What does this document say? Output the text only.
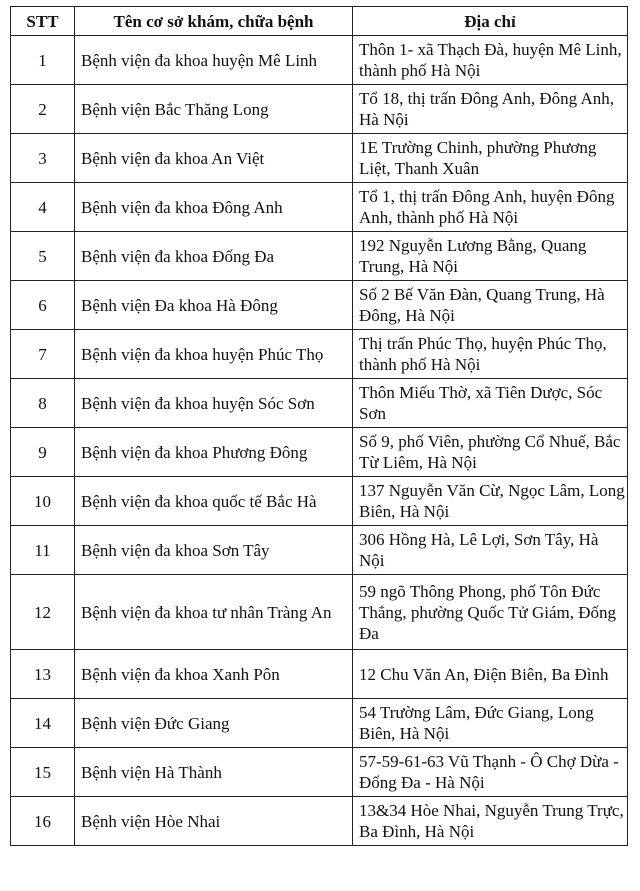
STT	Tên cơ sở khám, chữa bệnh	Địa chỉ
1	Bệnh viện đa khoa huyện Mê Linh	Thôn 1- xã Thạch Đà, huyện Mê Linh, thành phố Hà Nội
2	Bệnh viện Bắc Thăng Long	Tổ 18, thị trấn Đông Anh, Đông Anh, Hà Nội
3	Bệnh viện đa khoa An Việt	1E Trường Chinh, phường Phương Liệt, Thanh Xuân
4	Bệnh viện đa khoa Đông Anh	Tổ 1, thị trấn Đông Anh, huyện Đông Anh, thành phố Hà Nội
5	Bệnh viện đa khoa Đống Đa	192 Nguyễn Lương Bằng, Quang Trung, Hà Nội
6	Bệnh viện Đa khoa Hà Đông	Số 2 Bế Văn Đàn, Quang Trung, Hà Đông, Hà Nội
7	Bệnh viện đa khoa huyện Phúc Thọ	Thị trấn Phúc Thọ, huyện Phúc Thọ, thành phố Hà Nội
8	Bệnh viện đa khoa huyện Sóc Sơn	Thôn Miếu Thờ, xã Tiên Dược, Sóc Sơn
9	Bệnh viện đa khoa Phương Đông	Số 9, phố Viên, phường Cổ Nhuế, Bắc Từ Liêm, Hà Nội
10	Bệnh viện đa khoa quốc tế Bắc Hà	137 Nguyễn Văn Cừ, Ngọc Lâm, Long Biên, Hà Nội
11	Bệnh viện đa khoa Sơn Tây	306 Hồng Hà, Lê Lợi, Sơn Tây, Hà Nội
12	Bệnh viện đa khoa tư nhân Tràng An	59 ngõ Thông Phong, phố Tôn Đức Thắng, phường Quốc Tử Giám, Đống Đa
13	Bệnh viện đa khoa Xanh Pôn	12 Chu Văn An, Điện Biên, Ba Đình
14	Bệnh viện Đức Giang	54 Trường Lâm, Đức Giang, Long Biên, Hà Nội
15	Bệnh viện Hà Thành	57-59-61-63 Vũ Thạnh - Ô Chợ Dừa - Đống Đa - Hà Nội
16	Bệnh viện Hòe Nhai	13&34 Hòe Nhai, Nguyễn Trung Trực, Ba Đình, Hà Nội
